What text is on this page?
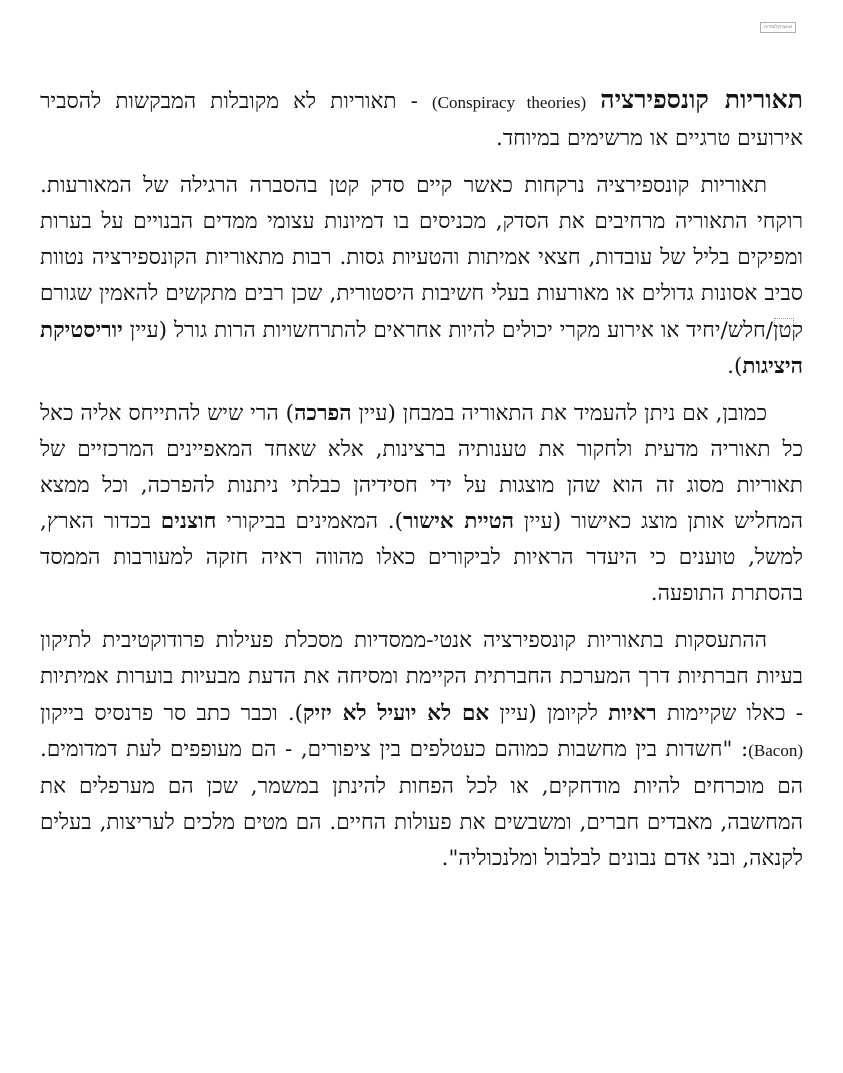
אינציקלופדיה

תאוריות קונספירציה (Conspiracy theories) - תאוריות לא מקובלות המבקשות להסביר אירועים טרגיים או מרשימים במיוחד.

תאוריות קונספירציה נרקחות כאשר קיים סדק קטן בהסברה הרגילה של המאורעות. רוקחי התאוריה מרחיבים את הסדק, מכניסים בו דמיונות עצומי ממדים הבנויים על בערות ומפיקים בליל של עובדות, חצאי אמיתות והטעיות גסות. רבות מתאוריות הקונספירציה נטוות סביב אסונות גדולים או מאורעות בעלי חשיבות היסטורית, שכן רבים מתקשים להאמין שגורם קטן/חלש/יחיד או אירוע מקרי יכולים להיות אחראים להתרחשויות הרות גורל (עיין יוריסטיקת היציגות).

כמובן, אם ניתן להעמיד את התאוריה במבחן (עיין הפרכה) הרי שיש להתייחס אליה כאל כל תאוריה מדעית ולחקור את טענותיה ברצינות, אלא שאחד המאפיינים המרכזיים של תאוריות מסוג זה הוא שהן מוצגות על ידי חסידיהן כבלתי ניתנות להפרכה, וכל ממצא המחליש אותן מוצג כאישור (עיין הטיית אישור). המאמינים בביקורי חוצנים בכדור הארץ, למשל, טוענים כי היעדר הראיות לביקורים כאלו מהווה ראיה חזקה למעורבות הממסד בהסתרת התופעה.

ההתעסקות בתאוריות קונספירציה אנטי-ממסדיות מסכלת פעילות פרודוקטיבית לתיקון בעיות חברתיות דרך המערכת החברתית הקיימת ומסיחה את הדעת מבעיות בוערות אמיתיות - כאלו שקיימות ראיות לקיומן (עיין אם לא יועיל לא יזיק). וכבר כתב סר פרנסיס בייקון (Bacon): "חשדות בין מחשבות כמוהם כעטלפים בין ציפורים, - הם מעופפים לעת דמדומים. הם מוכרחים להיות מודחקים, או לכל הפחות להינתן במשמר, שכן הם מערפלים את המחשבה, מאבדים חברים, ומשבשים את פעולות החיים. הם מטים מלכים לעריצות, בעלים לקנאה, ובני אדם נבונים לבלבול ומלנכוליה".
